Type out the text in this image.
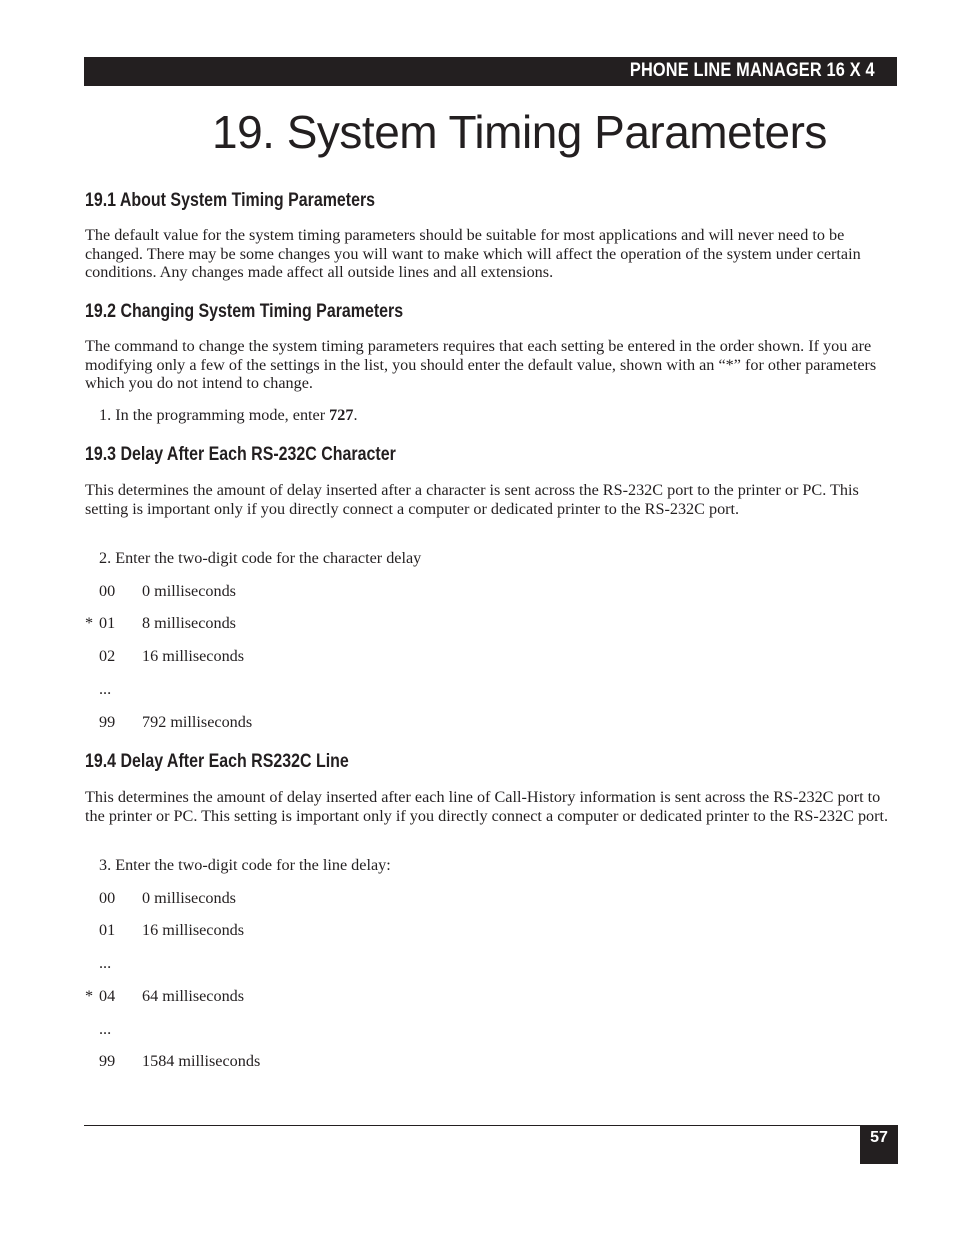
PHONE LINE MANAGER 16 X 4
19. System Timing Parameters
19.1 About System Timing Parameters

The default value for the system timing parameters should be suitable for most applications and will never need to be changed. There may be some changes you will want to make which will affect the operation of the system under certain conditions. Any changes made affect all outside lines and all extensions.

19.2 Changing System Timing Parameters

The command to change the system timing parameters requires that each setting be entered in the order shown. If you are modifying only a few of the settings in the list, you should enter the default value, shown with an “*” for other parameters which you do not intend to change.

1. In the programming mode, enter 727.

19.3 Delay After Each RS-232C Character

This determines the amount of delay inserted after a character is sent across the RS-232C port to the printer or PC. This setting is important only if you directly connect a computer or dedicated printer to the RS-232C port.

2. Enter the two-digit code for the character delay

00 0 milliseconds
* 01 8 milliseconds
02 16 milliseconds
...
99 792 milliseconds
19.4 Delay After Each RS232C Line

This determines the amount of delay inserted after each line of Call-History information is sent across the RS-232C port to the printer or PC. This setting is important only if you directly connect a computer or dedicated printer to the RS-232C port.

3. Enter the two-digit code for the line delay:

00 0 milliseconds
01 16 milliseconds
...
* 04 64 milliseconds
...
99 1584 milliseconds
57
